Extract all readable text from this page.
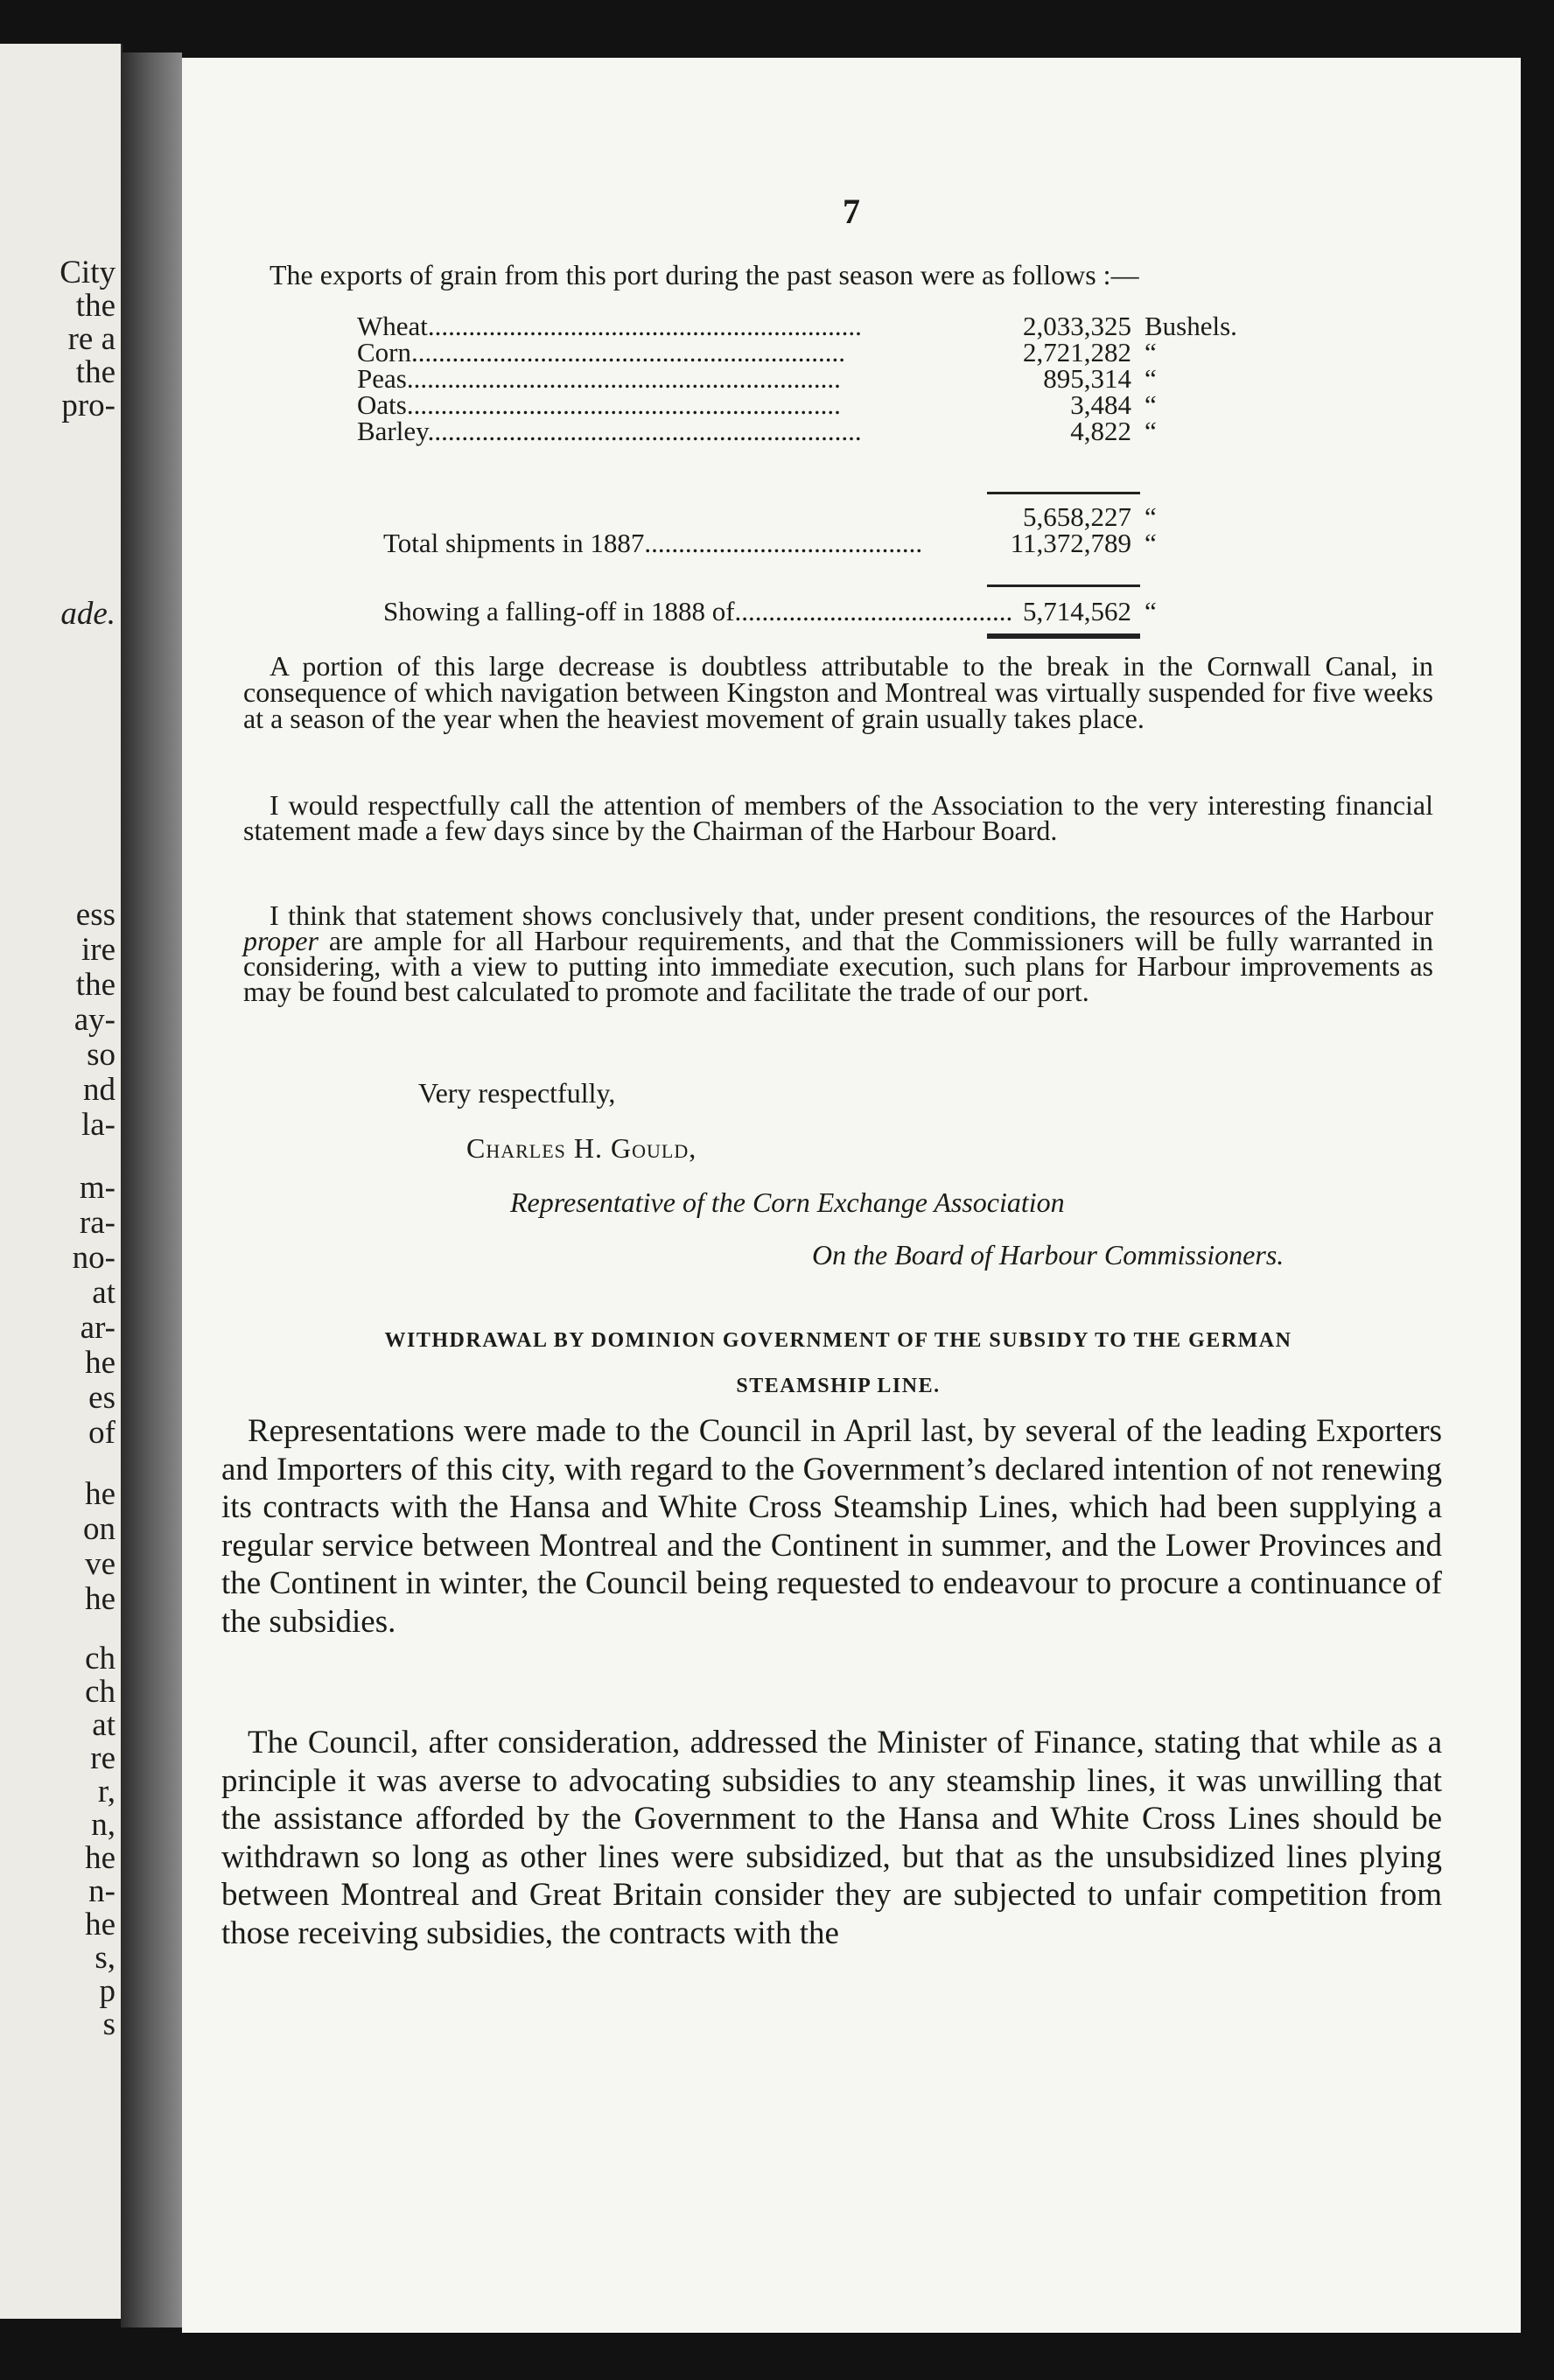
City
the
re a
the
pro-
ade.
ess
ire
the
ay-
so
nd
la-
m-
ra-
no-
at
ar-
he
es
of
he
on
ve
he
ch
ch
at
re
r,
n,
he
n-
he
s,
p
s
7
The exports of grain from this port during the past season were as follows :—
Wheat................................................................	2,033,325 Bushels.
Corn................................................................	2,721,282 “
Peas................................................................	895,314 “
Oats................................................................	3,484 “
Barley................................................................	4,822 “
5,658,227 “
Total shipments in 1887.........................................	11,372,789 “
Showing a falling-off in 1888 of......................................... 5,714,562 “
A portion of this large decrease is doubtless attributable to the break in the Cornwall Canal, in consequence of which navigation between Kingston and Montreal was virtually suspended for five weeks at a season of the year when the heaviest movement of grain usually takes place.
I would respectfully call the attention of members of the Association to the very interesting financial statement made a few days since by the Chairman of the Harbour Board.
I think that statement shows conclusively that, under present conditions, the resources of the Harbour proper are ample for all Harbour requirements, and that the Commissioners will be fully warranted in considering, with a view to putting into immediate execution, such plans for Harbour improvements as may be found best calculated to promote and facilitate the trade of our port.
Very respectfully,
Charles H. Gould,
Representative of the Corn Exchange Association
On the Board of Harbour Commissioners.
WITHDRAWAL BY DOMINION GOVERNMENT OF THE SUBSIDY TO THE GERMAN
STEAMSHIP LINE.
Representations were made to the Council in April last, by several of the leading Exporters and Importers of this city, with regard to the Government’s declared intention of not renewing its contracts with the Hansa and White Cross Steamship Lines, which had been supplying a regular service between Montreal and the Continent in summer, and the Lower Provinces and the Continent in winter, the Council being requested to endeavour to procure a continuance of the subsidies.
The Council, after consideration, addressed the Minister of Finance, stating that while as a principle it was averse to advocating subsidies to any steamship lines, it was unwilling that the assistance afforded by the Government to the Hansa and White Cross Lines should be withdrawn so long as other lines were subsidized, but that as the unsubsidized lines plying between Montreal and Great Britain consider they are subjected to unfair competition from those receiving subsidies, the contracts with the
